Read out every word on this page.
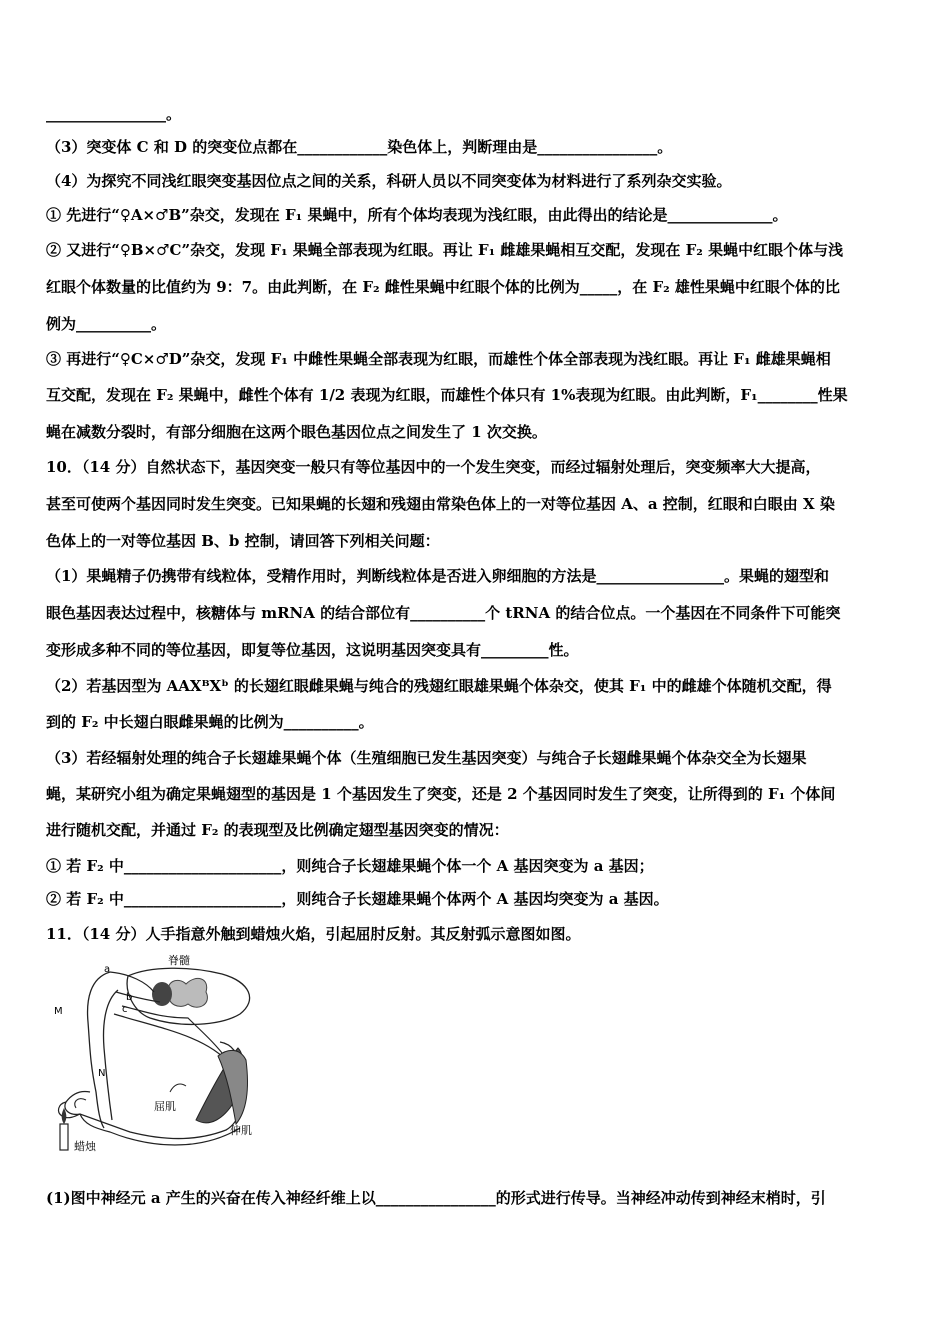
________________。
（3）突变体 C 和 D 的突变位点都在____________染色体上，判断理由是________________。
（4）为探究不同浅红眼突变基因位点之间的关系，科研人员以不同突变体为材料进行了系列杂交实验。
① 先进行“♀A×♂B”杂交，发现在 F₁ 果蝇中，所有个体均表现为浅红眼，由此得出的结论是______________。
② 又进行“♀B×♂C”杂交，发现 F₁ 果蝇全部表现为红眼。再让 F₁ 雌雄果蝇相互交配，发现在 F₂ 果蝇中红眼个体与浅
红眼个体数量的比值约为 9：7。由此判断，在 F₂ 雌性果蝇中红眼个体的比例为_____，在 F₂ 雄性果蝇中红眼个体的比
例为__________。
③ 再进行“♀C×♂D”杂交，发现 F₁ 中雌性果蝇全部表现为红眼，而雄性个体全部表现为浅红眼。再让 F₁ 雌雄果蝇相
互交配，发现在 F₂ 果蝇中，雌性个体有 1/2 表现为红眼，而雄性个体只有 1%表现为红眼。由此判断，F₁________性果
蝇在减数分裂时，有部分细胞在这两个眼色基因位点之间发生了 1 次交换。
10．（14 分）自然状态下，基因突变一般只有等位基因中的一个发生突变，而经过辐射处理后，突变频率大大提高，
甚至可使两个基因同时发生突变。已知果蝇的长翅和残翅由常染色体上的一对等位基因 A、a 控制，红眼和白眼由 X 染
色体上的一对等位基因 B、b 控制，请回答下列相关问题：
（1）果蝇精子仍携带有线粒体，受精作用时，判断线粒体是否进入卵细胞的方法是_________________。果蝇的翅型和
眼色基因表达过程中，核糖体与 mRNA 的结合部位有__________个 tRNA 的结合位点。一个基因在不同条件下可能突
变形成多种不同的等位基因，即复等位基因，这说明基因突变具有_________性。
（2）若基因型为 AAXᴮXᵇ 的长翅红眼雌果蝇与纯合的残翅红眼雄果蝇个体杂交，使其 F₁ 中的雌雄个体随机交配，得
到的 F₂ 中长翅白眼雌果蝇的比例为__________。
（3）若经辐射处理的纯合子长翅雄果蝇个体（生殖细胞已发生基因突变）与纯合子长翅雌果蝇个体杂交全为长翅果
蝇，某研究小组为确定果蝇翅型的基因是 1 个基因发生了突变，还是 2 个基因同时发生了突变，让所得到的 F₁ 个体间
进行随机交配，并通过 F₂ 的表现型及比例确定翅型基因突变的情况：
① 若 F₂ 中_____________________，则纯合子长翅雄果蝇个体一个 A 基因突变为 a 基因；
② 若 F₂ 中_____________________，则纯合子长翅雄果蝇个体两个 A 基因均突变为 a 基因。
11．（14 分）人手指意外触到蜡烛火焰，引起屈肘反射。其反射弧示意图如图。
脊髓
a
b
c
M
N
屈肌
伸肌
蜡烛
(1)图中神经元 a 产生的兴奋在传入神经纤维上以________________的形式进行传导。当神经冲动传到神经末梢时，引
